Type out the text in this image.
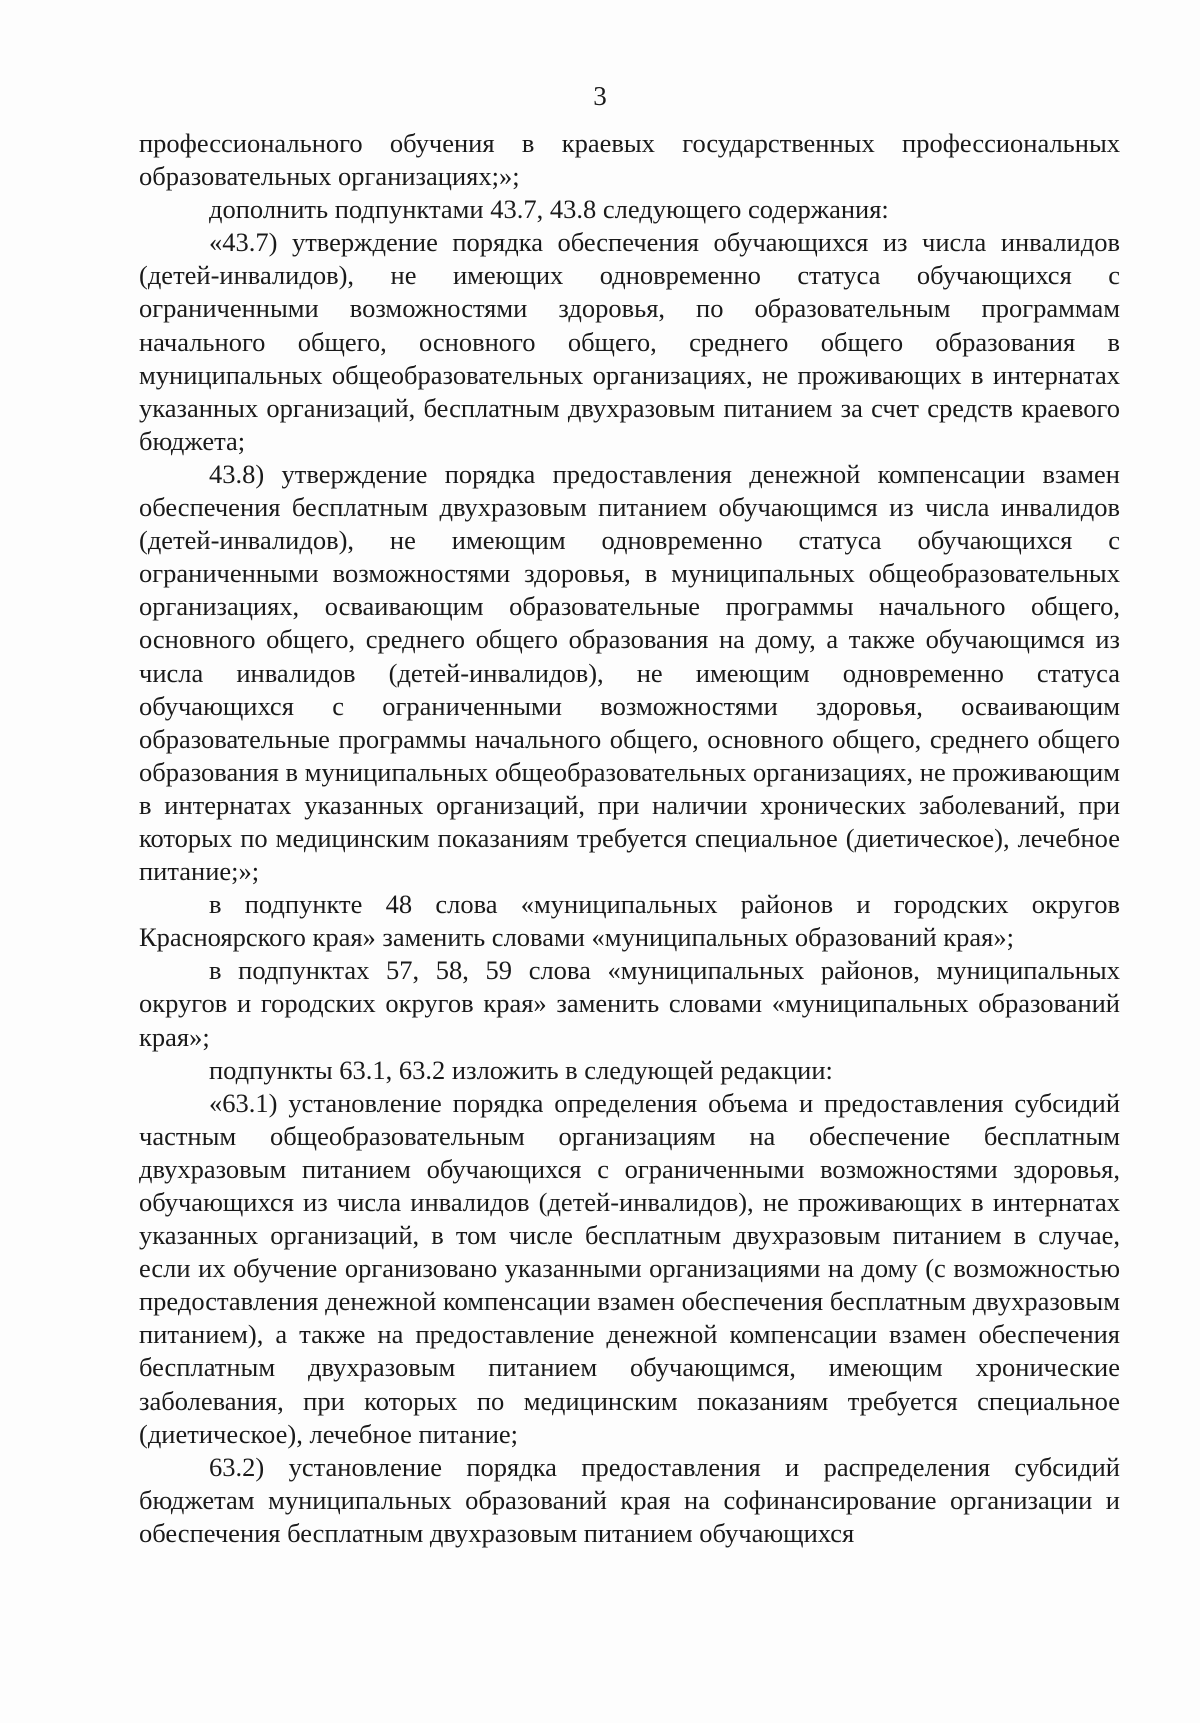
3

профессионального обучения в краевых государственных профессиональных образовательных организациях;»;

дополнить подпунктами 43.7, 43.8 следующего содержания:

«43.7) утверждение порядка обеспечения обучающихся из числа инвалидов (детей-инвалидов), не имеющих одновременно статуса обучающихся с ограниченными возможностями здоровья, по образовательным программам начального общего, основного общего, среднего общего образования в муниципальных общеобразовательных организациях, не проживающих в интернатах указанных организаций, бесплатным двухразовым питанием за счет средств краевого бюджета;

43.8) утверждение порядка предоставления денежной компенсации взамен обеспечения бесплатным двухразовым питанием обучающимся из числа инвалидов (детей-инвалидов), не имеющим одновременно статуса обучающихся с ограниченными возможностями здоровья, в муниципальных общеобразовательных организациях, осваивающим образовательные программы начального общего, основного общего, среднего общего образования на дому, а также обучающимся из числа инвалидов (детей-инвалидов), не имеющим одновременно статуса обучающихся с ограниченными возможностями здоровья, осваивающим образовательные программы начального общего, основного общего, среднего общего образования в муниципальных общеобразовательных организациях, не проживающим в интернатах указанных организаций, при наличии хронических заболеваний, при которых по медицинским показаниям требуется специальное (диетическое), лечебное питание;»;

в подпункте 48 слова «муниципальных районов и городских округов Красноярского края» заменить словами «муниципальных образований края»;

в подпунктах 57, 58, 59 слова «муниципальных районов, муниципальных округов и городских округов края» заменить словами «муниципальных образований края»;

подпункты 63.1, 63.2 изложить в следующей редакции:

«63.1) установление порядка определения объема и предоставления субсидий частным общеобразовательным организациям на обеспечение бесплатным двухразовым питанием обучающихся с ограниченными возможностями здоровья, обучающихся из числа инвалидов (детей-инвалидов), не проживающих в интернатах указанных организаций, в том числе бесплатным двухразовым питанием в случае, если их обучение организовано указанными организациями на дому (с возможностью предоставления денежной компенсации взамен обеспечения бесплатным двухразовым питанием), а также на предоставление денежной компенсации взамен обеспечения бесплатным двухразовым питанием обучающимся, имеющим хронические заболевания, при которых по медицинским показаниям требуется специальное (диетическое), лечебное питание;

63.2) установление порядка предоставления и распределения субсидий бюджетам муниципальных образований края на софинансирование организации и обеспечения бесплатным двухразовым питанием обучающихся
